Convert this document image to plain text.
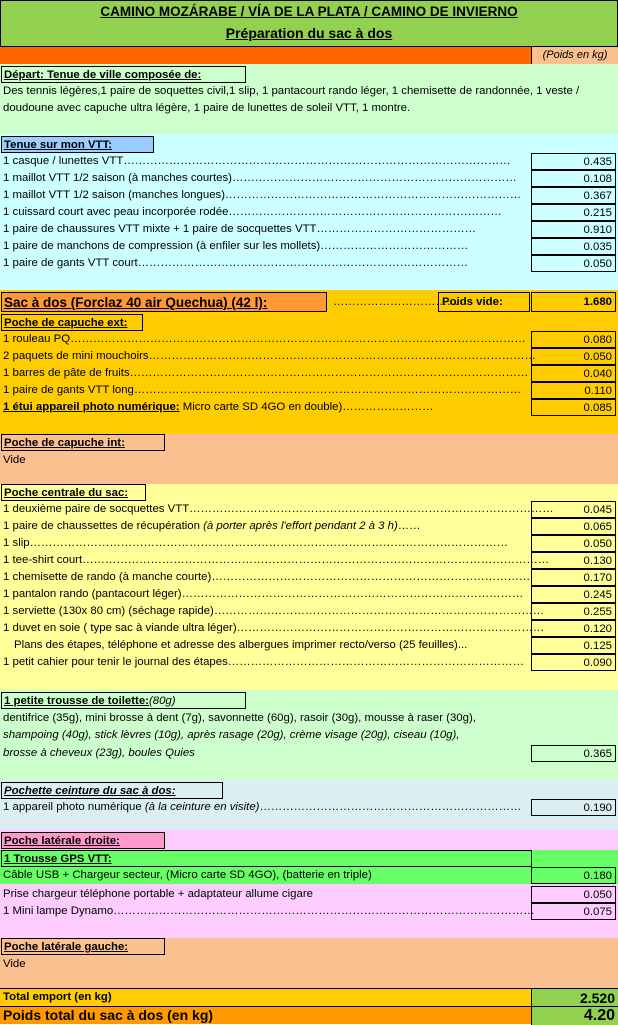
CAMINO MOZÁRABE / VÍA DE LA PLATA / CAMINO DE INVIERNO
Préparation du sac à dos
(Poids en kg)
Départ: Tenue de ville composée de:
Des tennis légères,1 paire de soquettes civil,1 slip, 1 pantacourt rando léger, 1 chemisette de randonnée, 1 veste / doudoune avec capuche ultra légère, 1 paire de lunettes de soleil VTT, 1 montre.
Tenue sur mon VTT:
1 casque / lunettes VTT…………………………………………………………………………………………	0.435
1 maillot VTT 1/2 saison (à manches courtes)…………………………………………………………………	0.108
1 maillot VTT 1/2 saison (manches longues)……………………………………………………………………	0.367
1 cuissard court avec peau incorporée rodée………………………………………………………………	0.215
1 paire de chaussures VTT mixte + 1 paire de socquettes VTT……………………………………	0.910
1 paire de manchons de compression (à enfiler sur les mollets)…………………………………	0.035
1 paire de gants VTT court……………………………………………………………………………	0.050
Sac à dos (Forclaz 40 air Quechua) (42 l):	……………………………
Poids vide:	1.680
Poche de capuche ext:
1 rouleau PQ…………………………………………………………………………………………………………	0.080
2 paquets de mini mouchoirs…………………………………………………………………………………………	0.050
1 barres de pâte de fruits……………………………………………………………………………………………	0.040
1 paire de gants VTT long…………………………………………………………………………………………	0.110
1 étui appareil photo numérique: Micro carte SD 4GO en double)……………………	0.085
Poche de capuche int:
Vide
Poche centrale du sac:
1 deuxième paire de socquettes VTT……………………………………………………………………………………	0.045
1 paire de chaussettes de récupération (à porter après l'effort pendant 2 à 3 h)……	0.065
1 slip………………………………………………………………………………………………………………	0.050
1 tee-shirt court……………………………………………………………………………………………………………	0.130
1 chemisette de rando (à manche courte)…………………………………………………………………………	0.170
1 pantalon rando (pantacourt léger)………………………………………………………………………………	0.245
1 serviette (130x 80 cm) (séchage rapide)……………………………………………………………………………	0.255
1 duvet en soie ( type sac à viande ultra léger)………………………………………………………………………	0.120
Plans des étapes, téléphone et adresse des albergues imprimer recto/verso (25 feuilles)...	0.125
1 petit cahier pour tenir le journal des étapes……………………………………………………………………	0.090
1 petite trousse de toilette:(80g)
dentifrice (35g), mini brosse à dent (7g), savonnette (60g), rasoir (30g), mousse à raser (30g),
shampoing (40g), stick lèvres (10g), après rasage (20g), crème visage (20g), ciseau (10g),
brosse à cheveux (23g), boules Quies	0.365
Pochette ceinture du sac à dos:
1 appareil photo numérique (à la ceinture en visite)……………………………………………………………	0.190
Poche latérale droite:
1 Trousse GPS VTT:
Câble USB + Chargeur secteur, (Micro carte SD 4GO), (batterie en triple)	0.180
Prise chargeur téléphone portable + adaptateur allume cigare	0.050
1 Mini lampe Dynamo…………………………………………………………………………………………………	0.075
Poche latérale gauche:
Vide
Total emport (en kg)	2.520
Poids total du sac à dos (en kg)	4.20
